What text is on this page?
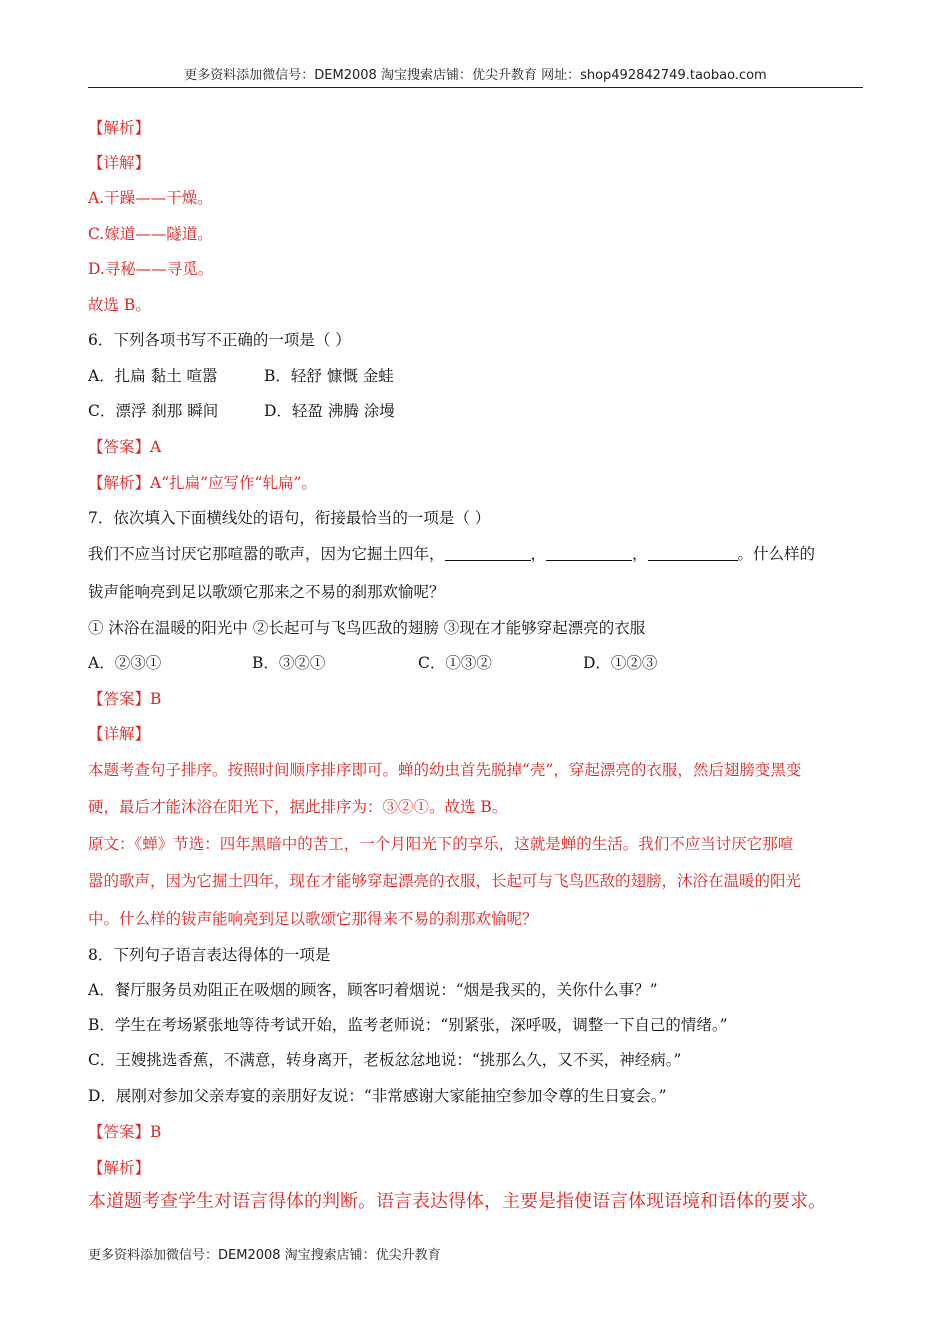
更多资料添加微信号：DEM2008 淘宝搜索店铺：优尖升教育 网址：shop492842749.taobao.com
【解析】
【详解】
A.干躁——干燥。
C.嫁道——隧道。
D.寻秘——寻觅。
故选 B。
6．下列各项书写不正确的一项是（ ）
A．扎扁 黏土 喧嚣	B．轻舒 慷慨 金蛙
C．漂浮 刹那 瞬间	D．轻盈 沸腾 涂墁
【答案】A
【解析】A“扎扁”应写作“轧扁”。
7．依次填入下面横线处的语句，衔接最恰当的一项是（ ）
我们不应当讨厌它那喧嚣的歌声，因为它掘土四年，	，	，	。什么样的
钹声能响亮到足以歌颂它那来之不易的刹那欢愉呢？
① 沐浴在温暖的阳光中 ②长起可与飞鸟匹敌的翅膀 ③现在才能够穿起漂亮的衣服
A．②③①	B．③②①	C．①③②	D．①②③
【答案】B
【详解】
本题考查句子排序。按照时间顺序排序即可。蝉的幼虫首先脱掉“壳”，穿起漂亮的衣服，然后翅膀变黑变
硬，最后才能沐浴在阳光下，据此排序为：③②①。故选 B。
原文：《蝉》节选：四年黑暗中的苦工，一个月阳光下的享乐，这就是蝉的生活。我们不应当讨厌它那喧
嚣的歌声，因为它掘土四年，现在才能够穿起漂亮的衣服，长起可与飞鸟匹敌的翅膀，沐浴在温暖的阳光
中。什么样的钹声能响亮到足以歌颂它那得来不易的刹那欢愉呢？
8．下列句子语言表达得体的一项是
A．餐厅服务员劝阻正在吸烟的顾客，顾客叼着烟说：“烟是我买的，关你什么事？”
B．学生在考场紧张地等待考试开始，监考老师说：“别紧张，深呼吸，调整一下自己的情绪。”
C．王嫂挑选香蕉，不满意，转身离开，老板忿忿地说：“挑那么久，又不买，神经病。”
D．展刚对参加父亲寿宴的亲朋好友说：“非常感谢大家能抽空参加令尊的生日宴会。”
【答案】B
【解析】
本道题考查学生对语言得体的判断。语言表达得体，主要是指使语言体现语境和语体的要求。
更多资料添加微信号：DEM2008 淘宝搜索店铺：优尖升教育
